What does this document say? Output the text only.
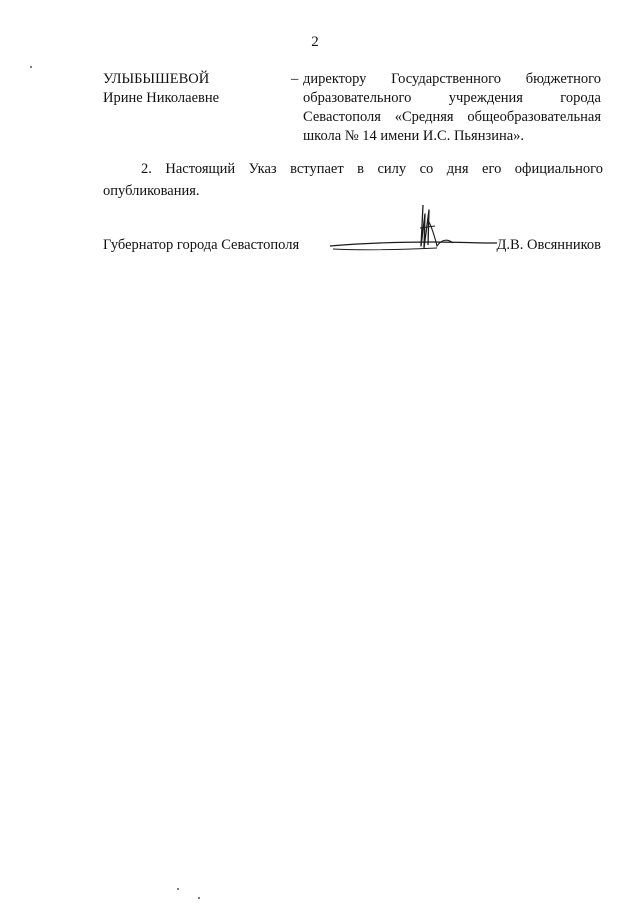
2
УЛЫБЫШЕВОЙ
Ирине Николаевне
– директору Государственного бюджетного образовательного учреждения города Севастополя «Средняя общеобразовательная школа № 14 имени И.С. Пьянзина».
2. Настоящий Указ вступает в силу со дня его официального опубликования.
Губернатор города Севастополя	Д.В. Овсянников
